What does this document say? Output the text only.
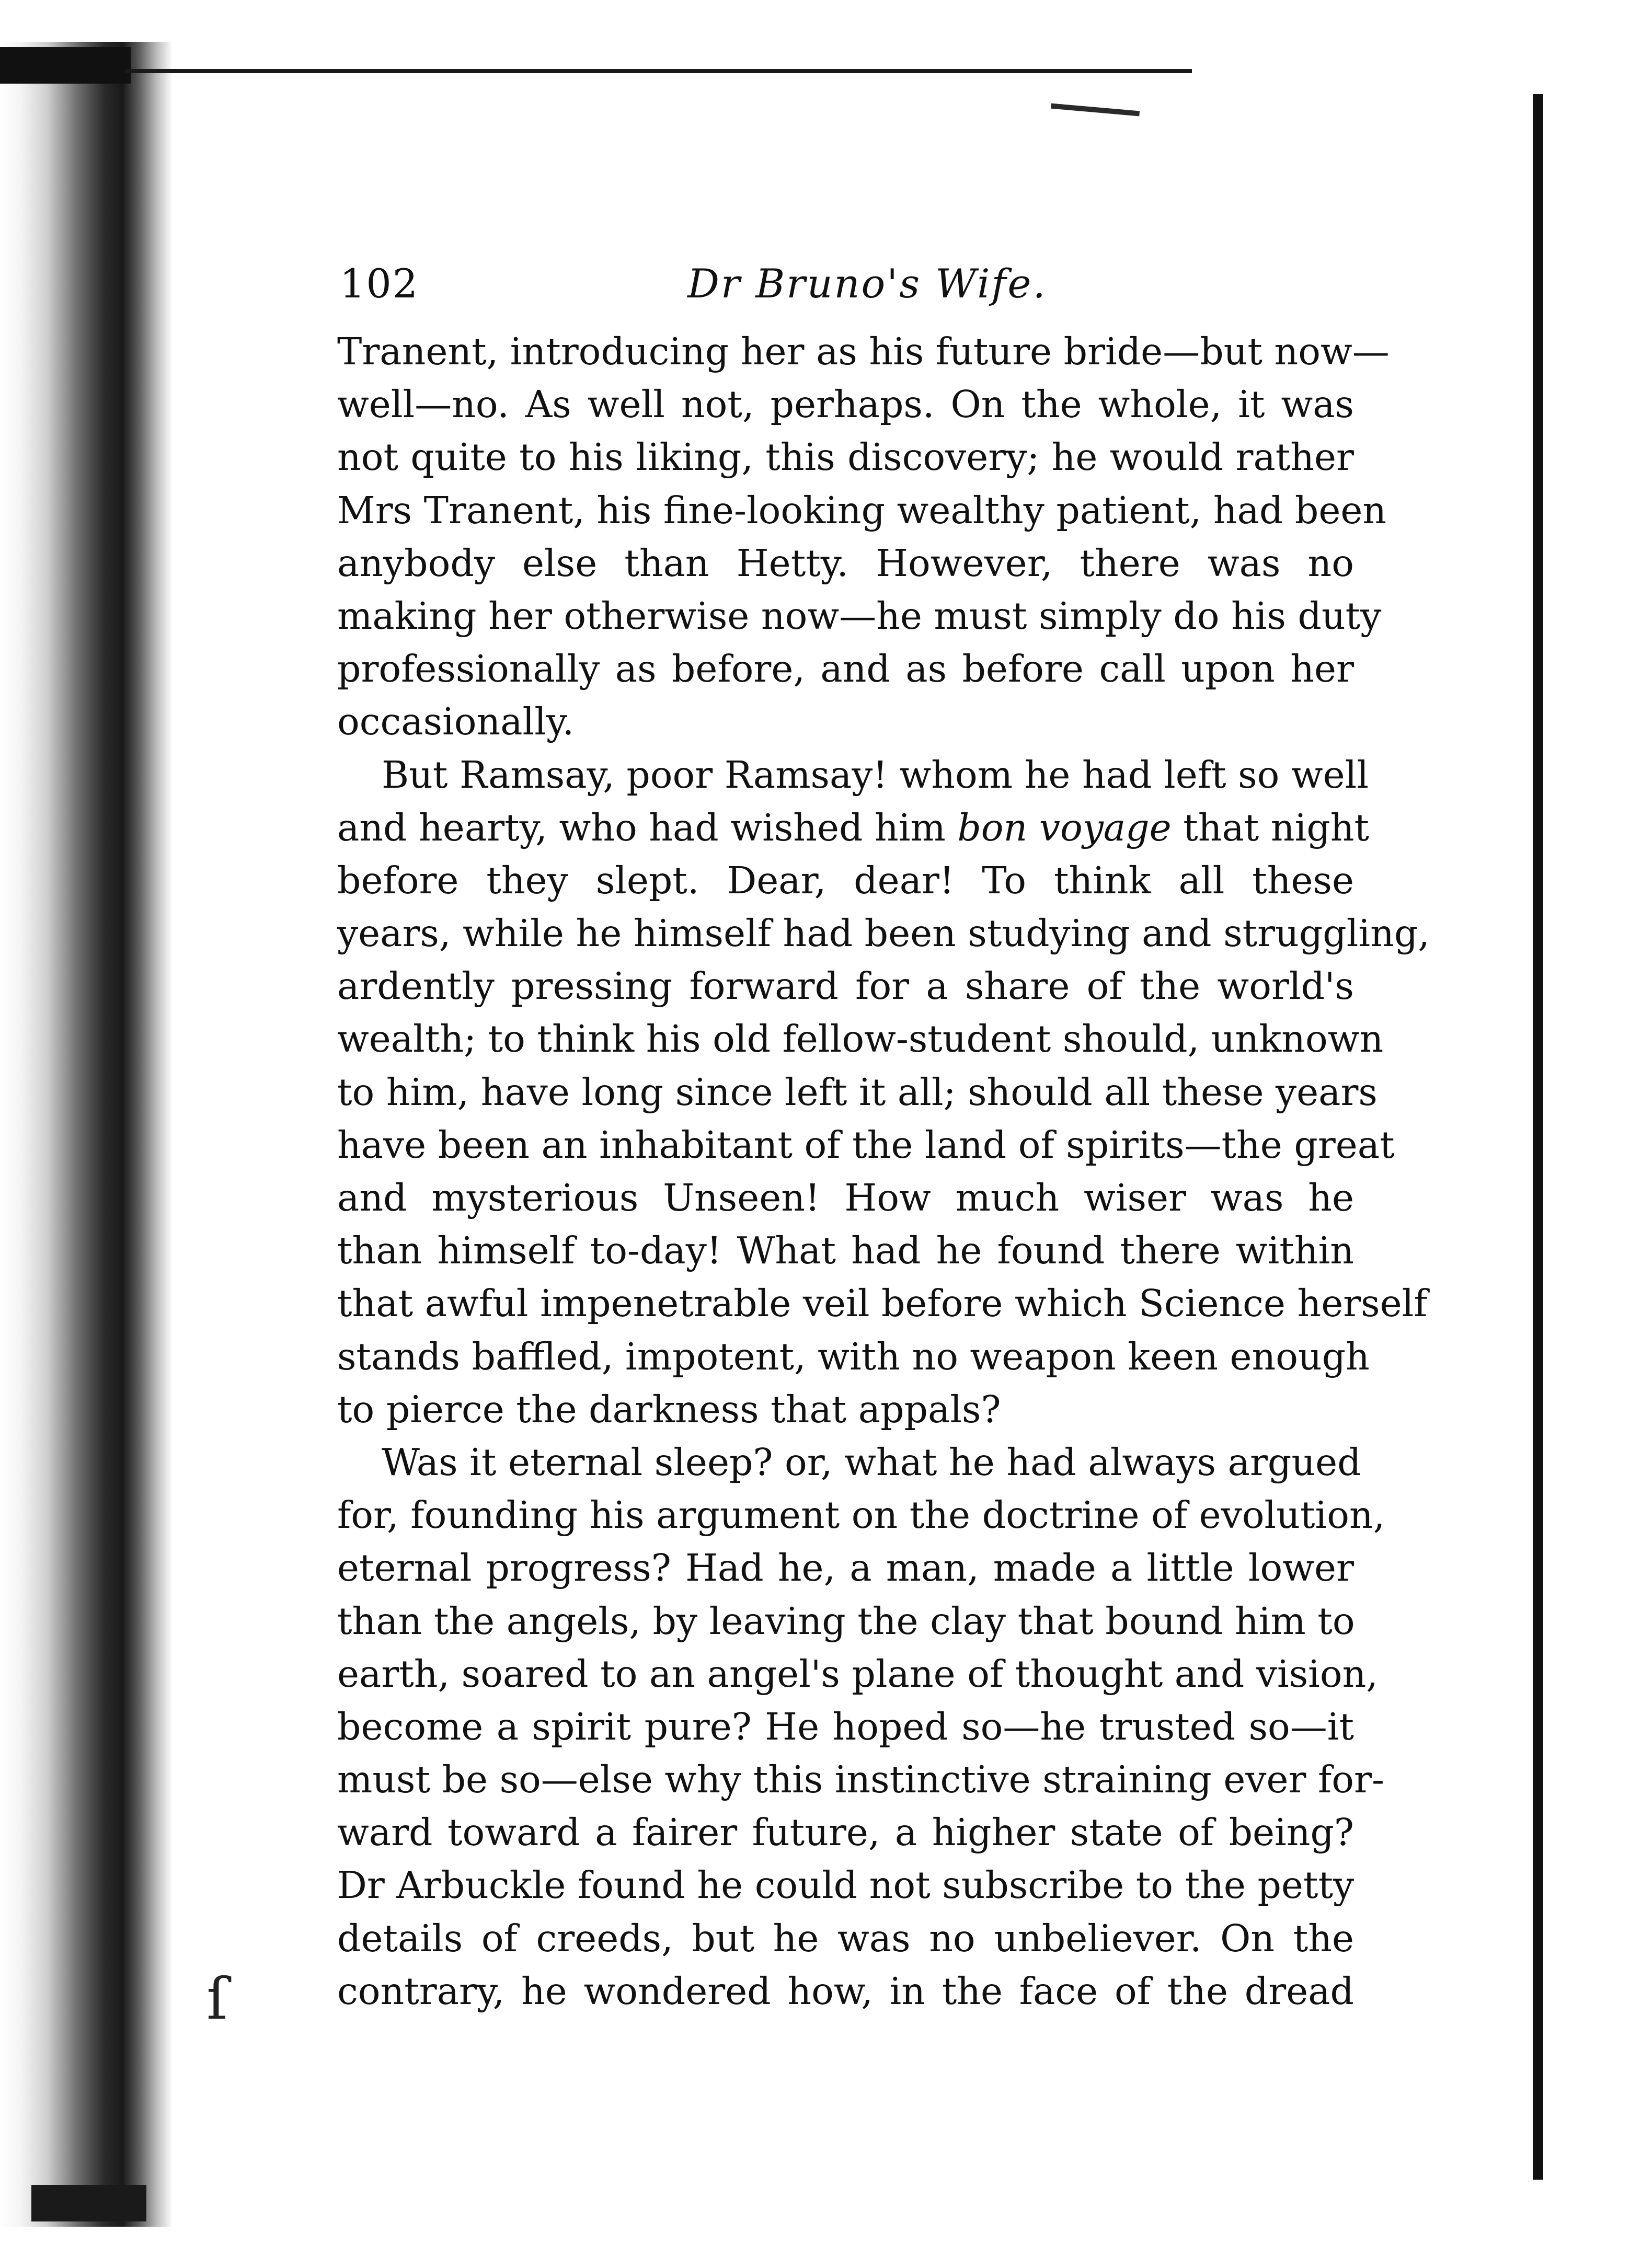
ſ
102	Dr Bruno's Wife.
Tranent, introducing her as his future bride—but now—
well—no. As well not, perhaps. On the whole, it was
not quite to his liking, this discovery; he would rather
Mrs Tranent, his fine-looking wealthy patient, had been
anybody else than Hetty. However, there was no
making her otherwise now—he must simply do his duty
professionally as before, and as before call upon her
occasionally.
But Ramsay, poor Ramsay! whom he had left so well
and hearty, who had wished him bon voyage that night
before they slept. Dear, dear! To think all these
years, while he himself had been studying and struggling,
ardently pressing forward for a share of the world's
wealth; to think his old fellow-student should, unknown
to him, have long since left it all; should all these years
have been an inhabitant of the land of spirits—the great
and mysterious Unseen! How much wiser was he
than himself to-day! What had he found there within
that awful impenetrable veil before which Science herself
stands baffled, impotent, with no weapon keen enough
to pierce the darkness that appals?
Was it eternal sleep? or, what he had always argued
for, founding his argument on the doctrine of evolution,
eternal progress? Had he, a man, made a little lower
than the angels, by leaving the clay that bound him to
earth, soared to an angel's plane of thought and vision,
become a spirit pure? He hoped so—he trusted so—it
must be so—else why this instinctive straining ever for-
ward toward a fairer future, a higher state of being?
Dr Arbuckle found he could not subscribe to the petty
details of creeds, but he was no unbeliever. On the
contrary, he wondered how, in the face of the dread
